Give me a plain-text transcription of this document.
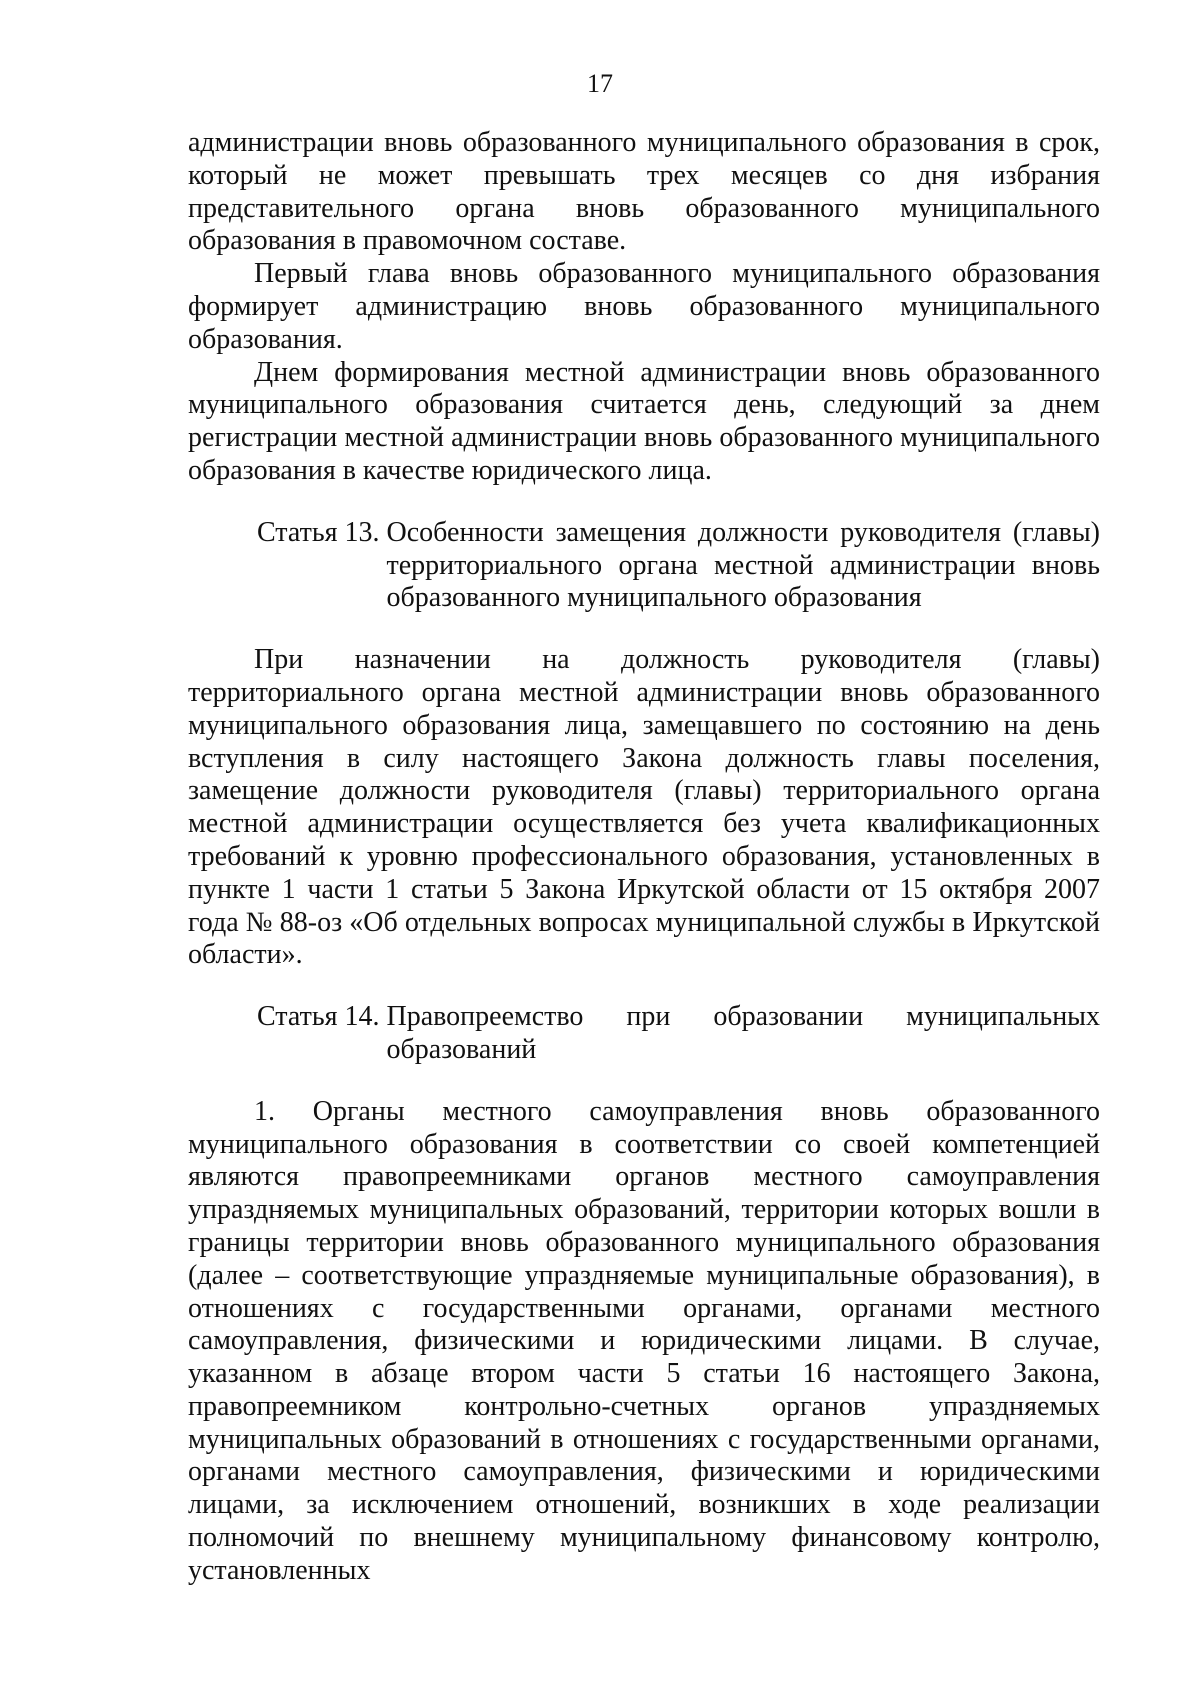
17

администрации вновь образованного муниципального образования в срок, который не может превышать трех месяцев со дня избрания представительного органа вновь образованного муниципального образования в правомочном составе.

Первый глава вновь образованного муниципального образования формирует администрацию вновь образованного муниципального образования.

Днем формирования местной администрации вновь образованного муниципального образования считается день, следующий за днем регистрации местной администрации вновь образованного муниципального образования в качестве юридического лица.

Статья 13. Особенности замещения должности руководителя (главы) территориального органа местной администрации вновь образованного муниципального образования

При назначении на должность руководителя (главы) территориального органа местной администрации вновь образованного муниципального образования лица, замещавшего по состоянию на день вступления в силу настоящего Закона должность главы поселения, замещение должности руководителя (главы) территориального органа местной администрации осуществляется без учета квалификационных требований к уровню профессионального образования, установленных в пункте 1 части 1 статьи 5 Закона Иркутской области от 15 октября 2007 года № 88-оз «Об отдельных вопросах муниципальной службы в Иркутской области».

Статья 14. Правопреемство при образовании муниципальных образований

1. Органы местного самоуправления вновь образованного муниципального образования в соответствии со своей компетенцией являются правопреемниками органов местного самоуправления упраздняемых муниципальных образований, территории которых вошли в границы территории вновь образованного муниципального образования (далее – соответствующие упраздняемые муниципальные образования), в отношениях с государственными органами, органами местного самоуправления, физическими и юридическими лицами. В случае, указанном в абзаце втором части 5 статьи 16 настоящего Закона, правопреемником контрольно-счетных органов упраздняемых муниципальных образований в отношениях с государственными органами, органами местного самоуправления, физическими и юридическими лицами, за исключением отношений, возникших в ходе реализации полномочий по внешнему муниципальному финансовому контролю, установленных
